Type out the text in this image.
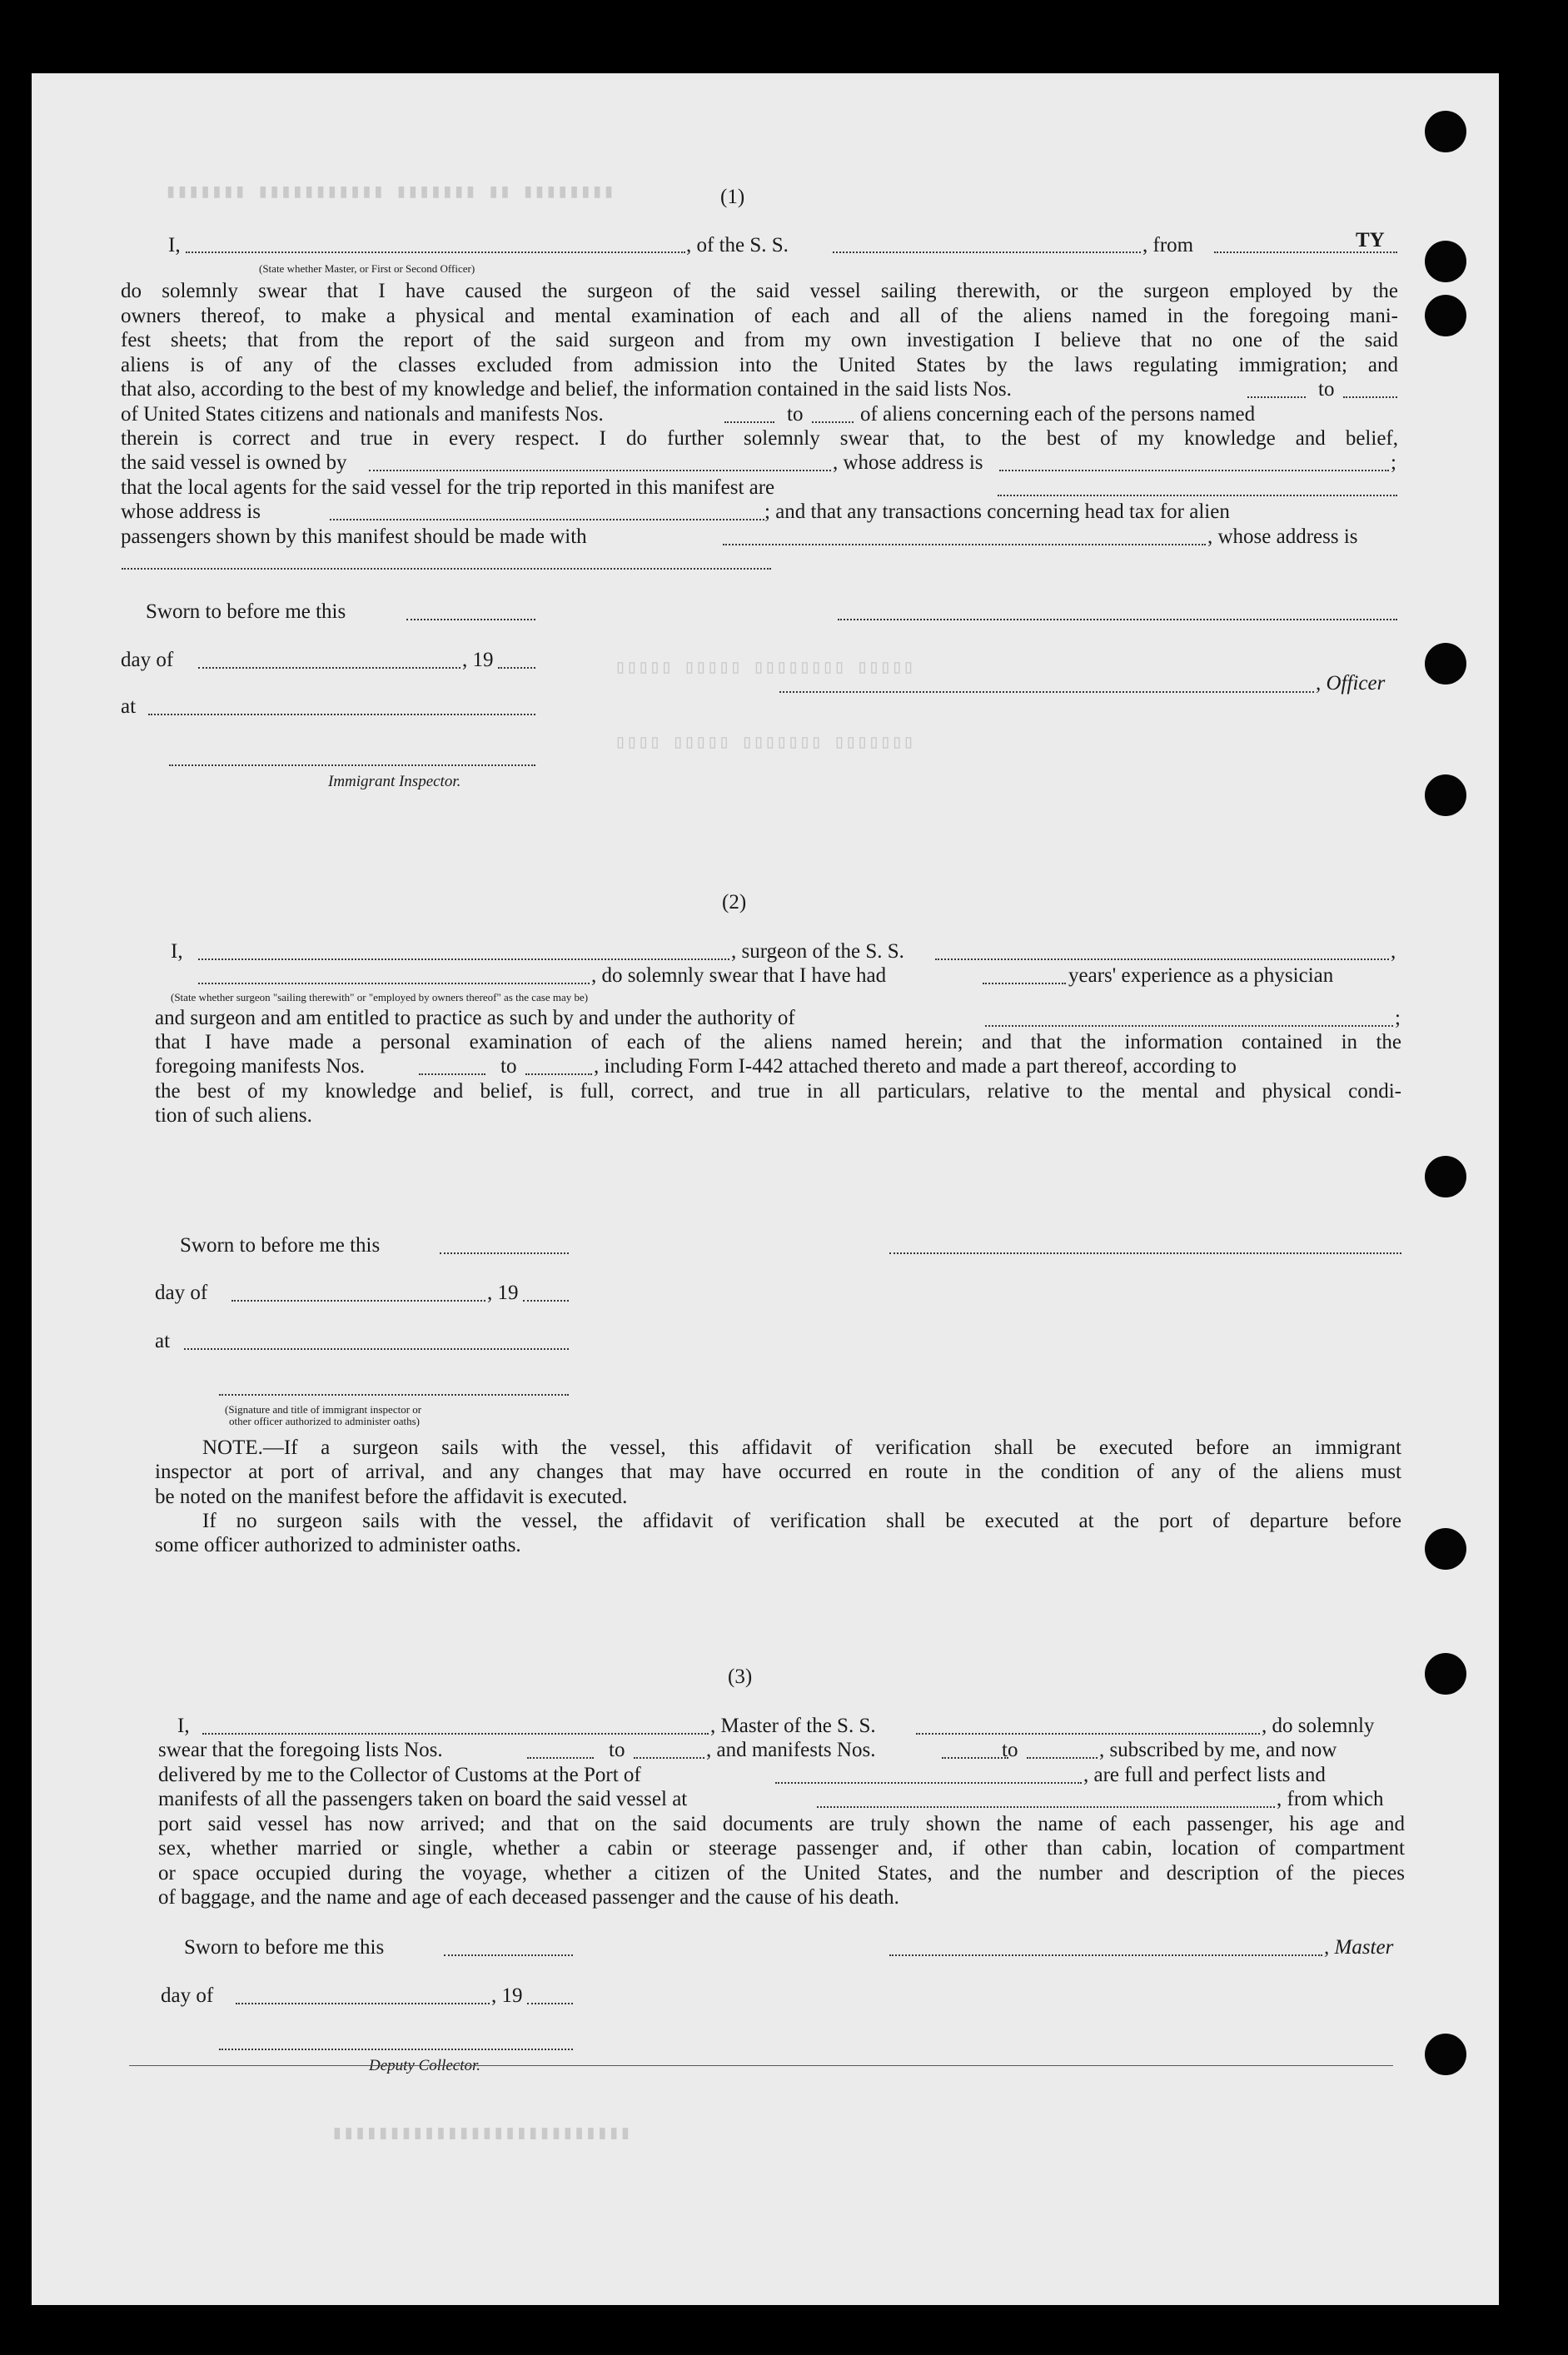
▮▮▮▮▮▮▮▮ ▮▮ ▮▮▮▮▮▮▮ ▮▮▮▮▮▮▮▮▮▮▮ ▮▮▮▮▮▮▮
▯▯▯▯▯ ▯▯▯▯▯ ▯▯▯▯▯▯▯▯ ▯▯▯▯▯
▯▯▯▯ ▯▯▯▯▯ ▯▯▯▯▯▯▯ ▯▯▯▯▯▯▯
▮▮▮▮▮▮▮▮▮▮▮▮▮▮▮▮▮▮▮▮▮▮▮▮▮▮
(1)
I,	, of the S. S.	, from	TY
(State whether Master, or First or Second Officer)
do solemnly swear that I have caused the surgeon of the said vessel sailing therewith, or the surgeon employed by the
owners thereof, to make a physical and mental examination of each and all of the aliens named in the foregoing mani-
fest sheets; that from the report of the said surgeon and from my own investigation I believe that no one of the said
aliens is of any of the classes excluded from admission into the United States by the laws regulating immigration; and
that also, according to the best of my knowledge and belief, the information contained in the said lists Nos.	to
of United States citizens and nationals and manifests Nos.	to	of aliens concerning each of the persons named
therein is correct and true in every respect. I do further solemnly swear that, to the best of my knowledge and belief,
the said vessel is owned by	, whose address is	;
that the local agents for the said vessel for the trip reported in this manifest are
whose address is	; and that any transactions concerning head tax for alien
passengers shown by this manifest should be made with	, whose address is
Sworn to before me this
day of	, 19
, Officer
at
Immigrant Inspector.
(2)
I,	, surgeon of the S. S.	,
, do solemnly swear that I have had	years' experience as a physician
(State whether surgeon "sailing therewith" or "employed by owners thereof" as the case may be)
and surgeon and am entitled to practice as such by and under the authority of	;
that I have made a personal examination of each of the aliens named herein; and that the information contained in the
foregoing manifests Nos.	to	, including Form I-442 attached thereto and made a part thereof, according to
the best of my knowledge and belief, is full, correct, and true in all particulars, relative to the mental and physical condi-
tion of such aliens.
Sworn to before me this
day of	, 19
at
(Signature and title of immigrant inspector or
other officer authorized to administer oaths)
NOTE.—If a surgeon sails with the vessel, this affidavit of verification shall be executed before an immigrant
inspector at port of arrival, and any changes that may have occurred en route in the condition of any of the aliens must
be noted on the manifest before the affidavit is executed.
If no surgeon sails with the vessel, the affidavit of verification shall be executed at the port of departure before
some officer authorized to administer oaths.
(3)
I,	, Master of the S. S.	, do solemnly
swear that the foregoing lists Nos.	to	, and manifests Nos.	to	, subscribed by me, and now
delivered by me to the Collector of Customs at the Port of	, are full and perfect lists and
manifests of all the passengers taken on board the said vessel at	, from which
port said vessel has now arrived; and that on the said documents are truly shown the name of each passenger, his age and
sex, whether married or single, whether a cabin or steerage passenger and, if other than cabin, location of compartment
or space occupied during the voyage, whether a citizen of the United States, and the number and description of the pieces
of baggage, and the name and age of each deceased passenger and the cause of his death.
Sworn to before me this	, Master
day of	, 19
Deputy Collector.
